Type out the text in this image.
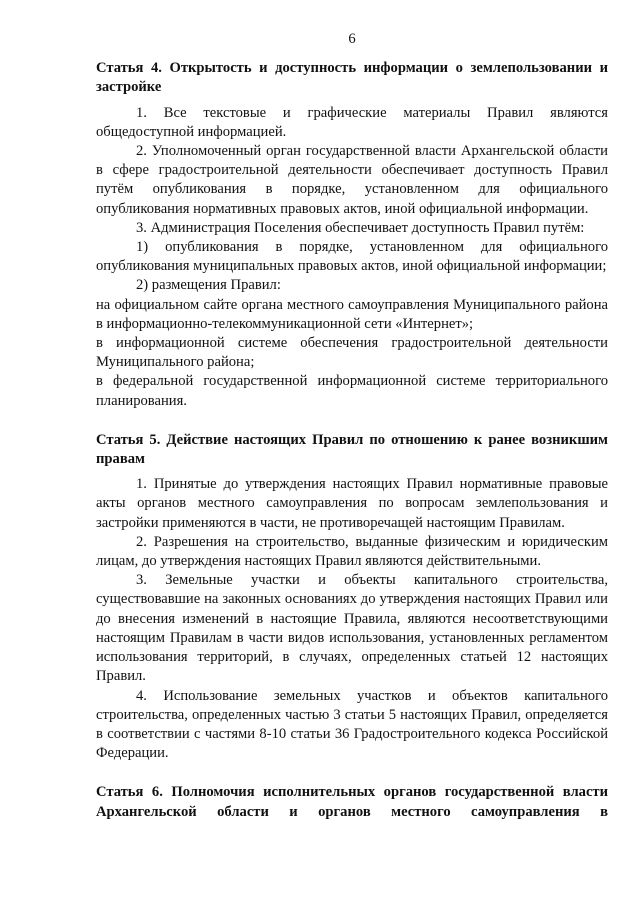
6

Статья 4. Открытость и доступность информации о землепользовании и застройке

1. Все текстовые и графические материалы Правил являются общедоступной информацией.

2. Уполномоченный орган государственной власти Архангельской области в сфере градостроительной деятельности обеспечивает доступность Правил путём опубликования в порядке, установленном для официального опубликования нормативных правовых актов, иной официальной информации.

3. Администрация Поселения обеспечивает доступность Правил путём:

1) опубликования в порядке, установленном для официального опубликования муниципальных правовых актов, иной официальной информации;

2) размещения Правил:

на официальном сайте органа местного самоуправления Муниципального района в информационно-телекоммуникационной сети «Интернет»;

в информационной системе обеспечения градостроительной деятельности Муниципального района;

в федеральной государственной информационной системе территориального планирования.

Статья 5. Действие настоящих Правил по отношению к ранее возникшим правам

1. Принятые до утверждения настоящих Правил нормативные правовые акты органов местного самоуправления по вопросам землепользования и застройки применяются в части, не противоречащей настоящим Правилам.

2. Разрешения на строительство, выданные физическим и юридическим лицам, до утверждения настоящих Правил являются действительными.

3. Земельные участки и объекты капитального строительства, существовавшие на законных основаниях до утверждения настоящих Правил или до внесения изменений в настоящие Правила, являются несоответствующими настоящим Правилам в части видов использования, установленных регламентом использования территорий, в случаях, определенных статьей 12 настоящих Правил.

4. Использование земельных участков и объектов капитального строительства, определенных частью 3 статьи 5 настоящих Правил, определяется в соответствии с частями 8-10 статьи 36 Градостроительного кодекса Российской Федерации.

Статья 6. Полномочия исполнительных органов государственной власти Архангельской области и органов местного самоуправления в
